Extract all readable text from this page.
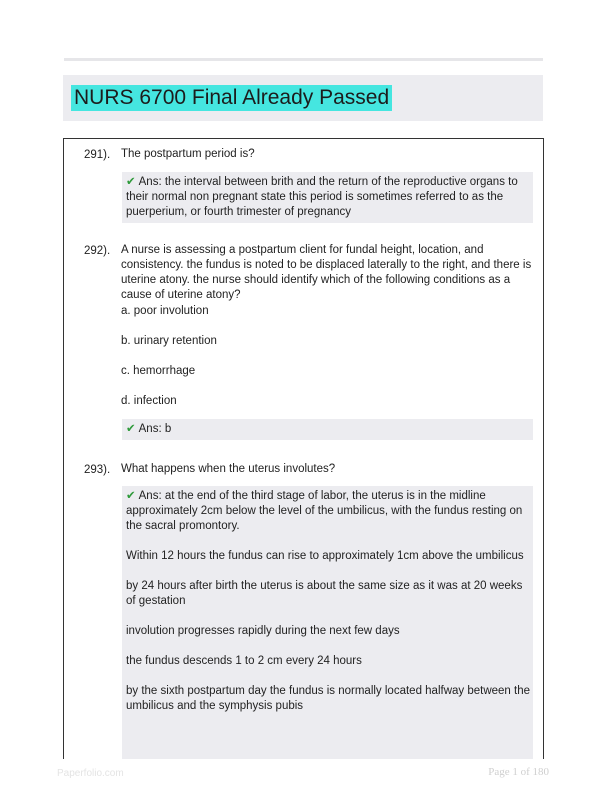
NURS 6700 Final Already Passed
291). The postpartum period is?

✔ Ans: the interval between brith and the return of the reproductive organs to their normal non pregnant state this period is sometimes referred to as the puerperium, or fourth trimester of pregnancy

292). A nurse is assessing a postpartum client for fundal height, location, and consistency. the fundus is noted to be displaced laterally to the right, and there is uterine atony. the nurse should identify which of the following conditions as a cause of uterine atony?

a. poor involution
b. urinary retention
c. hemorrhage
d. infection

✔ Ans: b

293). What happens when the uterus involutes?

✔ Ans: at the end of the third stage of labor, the uterus is in the midline approximately 2cm below the level of the umbilicus, with the fundus resting on the sacral promontory.

Within 12 hours the fundus can rise to approximately 1cm above the umbilicus

by 24 hours after birth the uterus is about the same size as it was at 20 weeks of gestation

involution progresses rapidly during the next few days

the fundus descends 1 to 2 cm every 24 hours

by the sixth postpartum day the fundus is normally located halfway between the umbilicus and the symphysis pubis

Paperfolio.com	Page 1 of 180
